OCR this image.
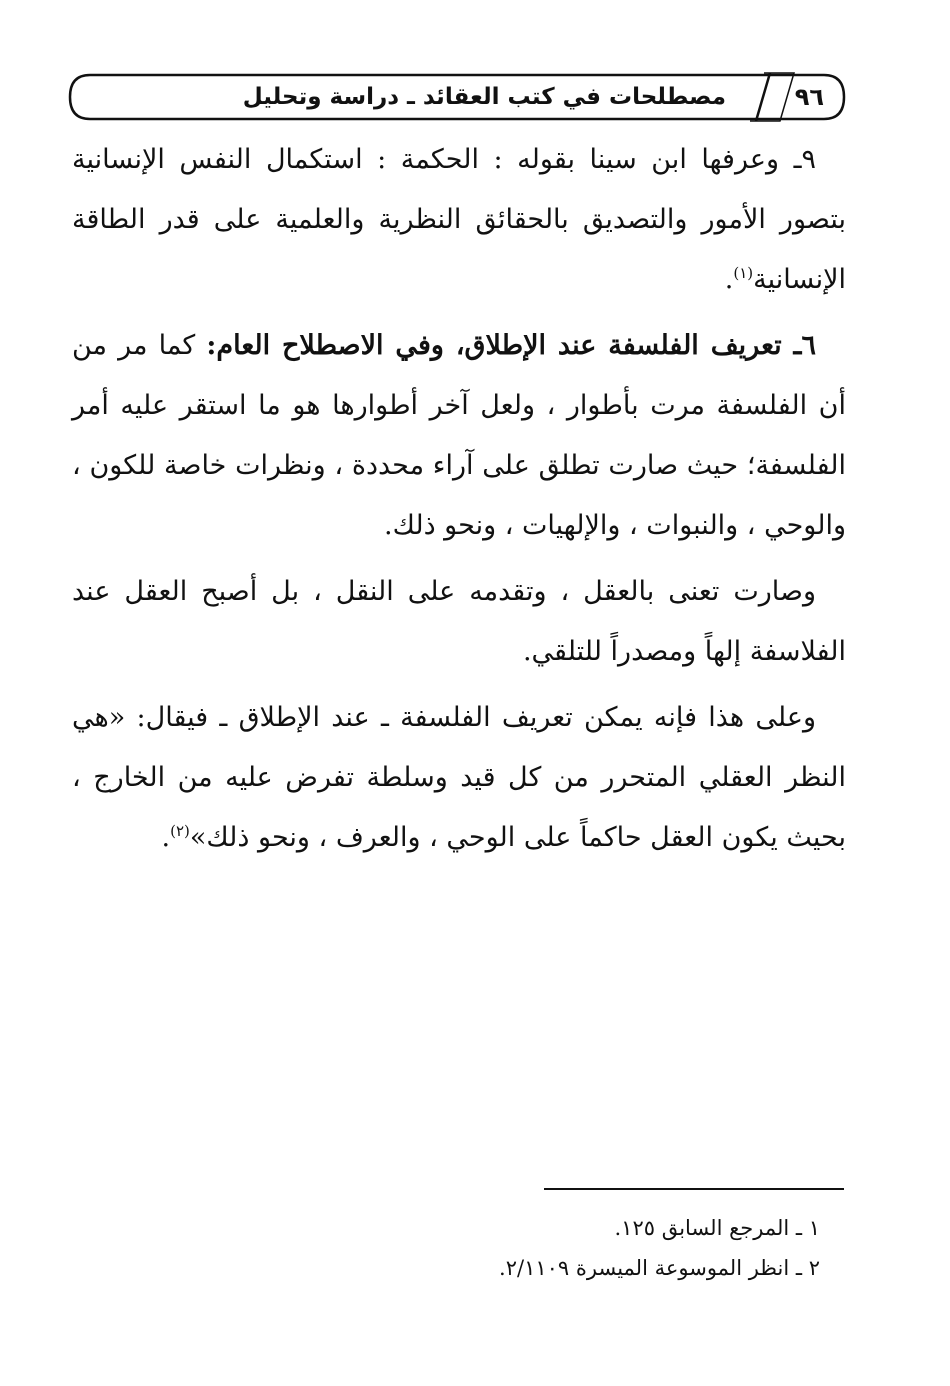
مصطلحات في كتب العقائد ـ دراسة وتحليل	٩٦

٩ـ وعرفها ابن سينا بقوله : الحكمة : استكمال النفس الإنسانية بتصور الأمور والتصديق بالحقائق النظرية والعلمية على قدر الطاقة الإنسانية$^{(١)}$.

٦ـ تعريف الفلسفة عند الإطلاق، وفي الاصطلاح العام: كما مر من أن الفلسفة مرت بأطوار ، ولعل آخر أطوارها هو ما استقر عليه أمر الفلسفة؛ حيث صارت تطلق على آراء محددة ، ونظرات خاصة للكون ، والوحي ، والنبوات ، والإلهيات ، ونحو ذلك.

وصارت تعنى بالعقل ، وتقدمه على النقل ، بل أصبح العقل عند الفلاسفة إلهاً ومصدراً للتلقي.

وعلى هذا فإنه يمكن تعريف الفلسفة ـ عند الإطلاق ـ فيقال: «هي النظر العقلي المتحرر من كل قيد وسلطة تفرض عليه من الخارج ، بحيث يكون العقل حاكماً على الوحي ، والعرف ، ونحو ذلك»$^{(٢)}$.

١ ـ المرجع السابق ١٢٥.

٢ ـ انظر الموسوعة الميسرة ٢/١١٠٩.
